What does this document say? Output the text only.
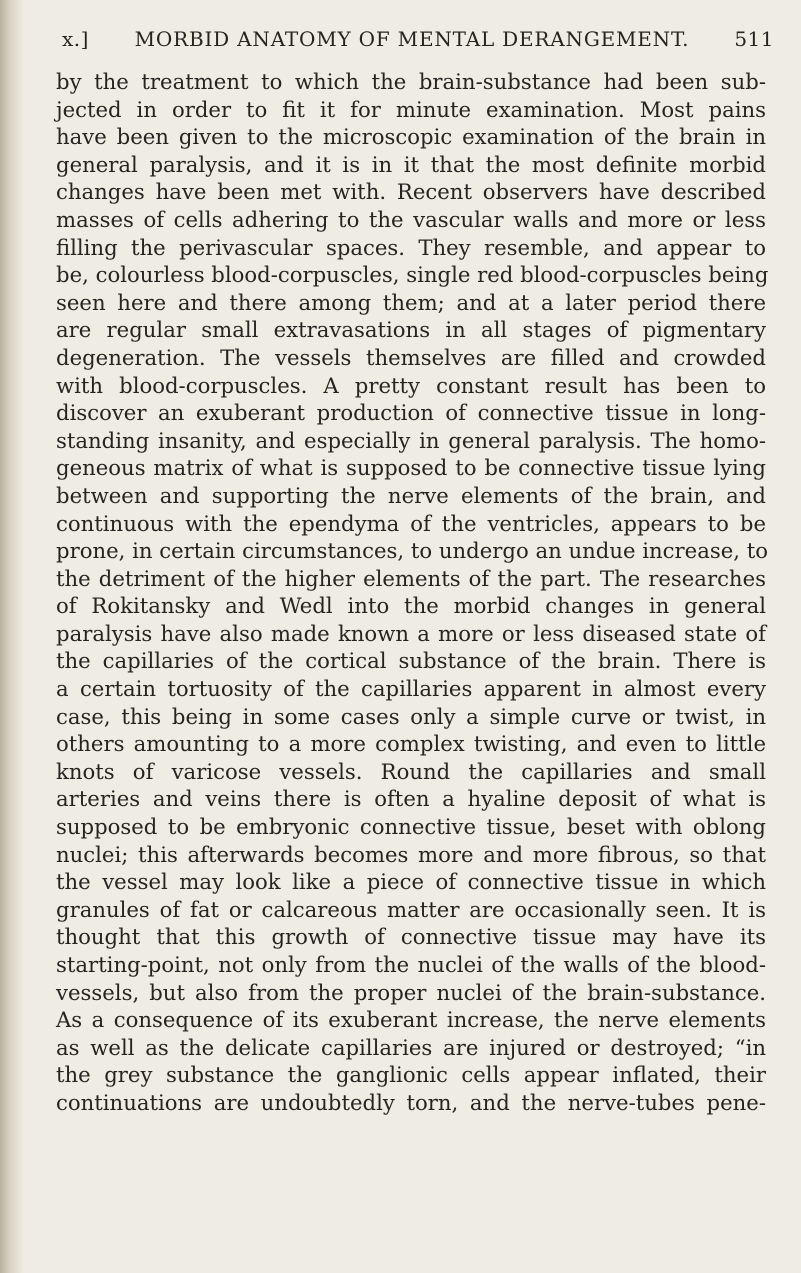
x.]	MORBID ANATOMY OF MENTAL DERANGEMENT.	511
by the treatment to which the brain-substance had been sub-
jected in order to fit it for minute examination. Most pains
have been given to the microscopic examination of the brain in
general paralysis, and it is in it that the most definite morbid
changes have been met with. Recent observers have described
masses of cells adhering to the vascular walls and more or less
filling the perivascular spaces. They resemble, and appear to
be, colourless blood-corpuscles, single red blood-corpuscles being
seen here and there among them; and at a later period there
are regular small extravasations in all stages of pigmentary
degeneration. The vessels themselves are filled and crowded
with blood-corpuscles. A pretty constant result has been to
discover an exuberant production of connective tissue in long-
standing insanity, and especially in general paralysis. The homo-
geneous matrix of what is supposed to be connective tissue lying
between and supporting the nerve elements of the brain, and
continuous with the ependyma of the ventricles, appears to be
prone, in certain circumstances, to undergo an undue increase, to
the detriment of the higher elements of the part. The researches
of Rokitansky and Wedl into the morbid changes in general
paralysis have also made known a more or less diseased state of
the capillaries of the cortical substance of the brain. There is
a certain tortuosity of the capillaries apparent in almost every
case, this being in some cases only a simple curve or twist, in
others amounting to a more complex twisting, and even to little
knots of varicose vessels. Round the capillaries and small
arteries and veins there is often a hyaline deposit of what is
supposed to be embryonic connective tissue, beset with oblong
nuclei; this afterwards becomes more and more fibrous, so that
the vessel may look like a piece of connective tissue in which
granules of fat or calcareous matter are occasionally seen. It is
thought that this growth of connective tissue may have its
starting-point, not only from the nuclei of the walls of the blood-
vessels, but also from the proper nuclei of the brain-substance.
As a consequence of its exuberant increase, the nerve elements
as well as the delicate capillaries are injured or destroyed; “in
the grey substance the ganglionic cells appear inflated, their
continuations are undoubtedly torn, and the nerve-tubes pene-
